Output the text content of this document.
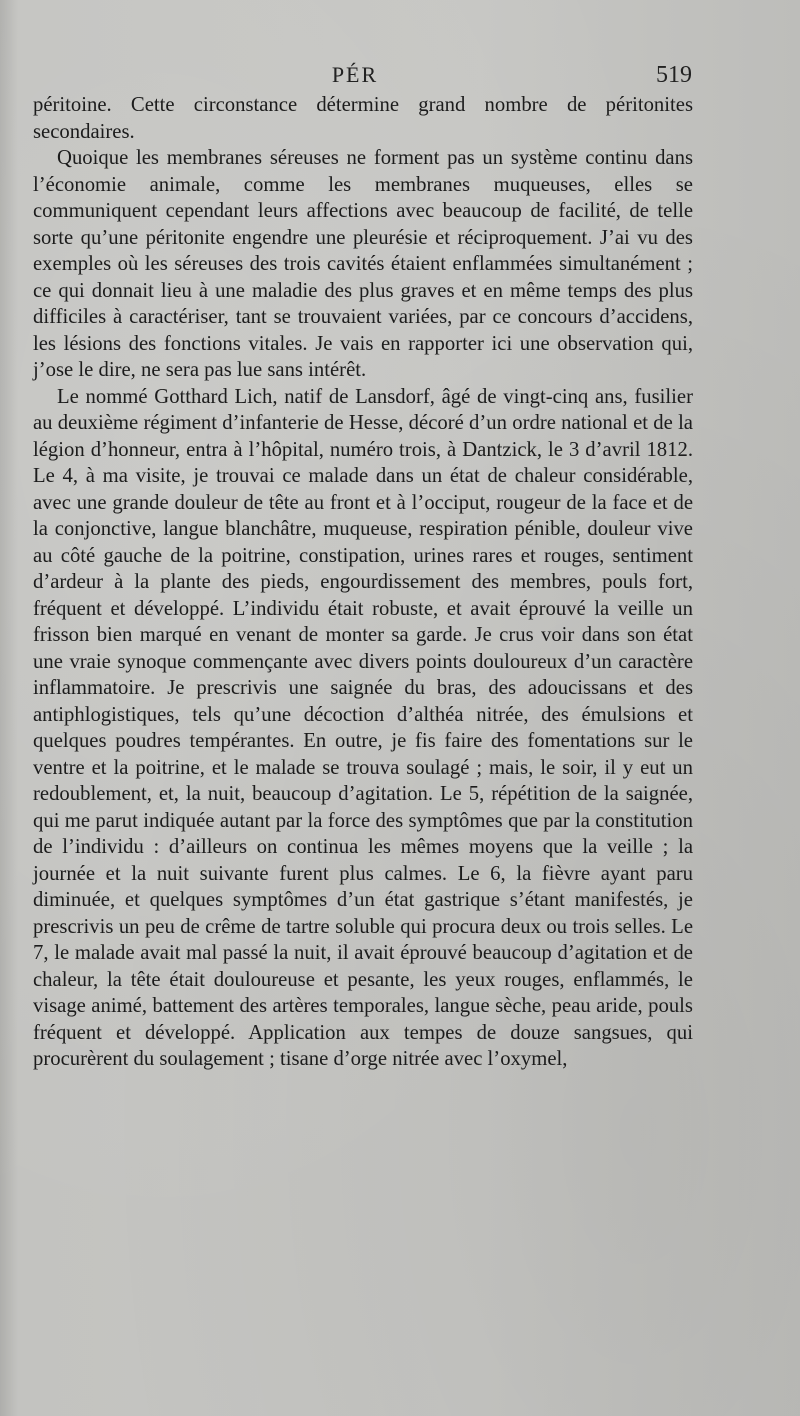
PÉR	519

péritoine. Cette circonstance détermine grand nombre de péritonites secondaires.

Quoique les membranes séreuses ne forment pas un système continu dans l’économie animale, comme les membranes muqueuses, elles se communiquent cependant leurs affections avec beaucoup de facilité, de telle sorte qu’une péritonite engendre une pleurésie et réciproquement. J’ai vu des exemples où les séreuses des trois cavités étaient enflammées simultanément ; ce qui donnait lieu à une maladie des plus graves et en même temps des plus difficiles à caractériser, tant se trouvaient variées, par ce concours d’accidens, les lésions des fonctions vitales. Je vais en rapporter ici une observation qui, j’ose le dire, ne sera pas lue sans intérêt.

Le nommé Gotthard Lich, natif de Lansdorf, âgé de vingt-cinq ans, fusilier au deuxième régiment d’infanterie de Hesse, décoré d’un ordre national et de la légion d’honneur, entra à l’hôpital, numéro trois, à Dantzick, le 3 d’avril 1812. Le 4, à ma visite, je trouvai ce malade dans un état de chaleur considérable, avec une grande douleur de tête au front et à l’occiput, rougeur de la face et de la conjonctive, langue blanchâtre, muqueuse, respiration pénible, douleur vive au côté gauche de la poitrine, constipation, urines rares et rouges, sentiment d’ardeur à la plante des pieds, engourdissement des membres, pouls fort, fréquent et développé. L’individu était robuste, et avait éprouvé la veille un frisson bien marqué en venant de monter sa garde. Je crus voir dans son état une vraie synoque commençante avec divers points douloureux d’un caractère inflammatoire. Je prescrivis une saignée du bras, des adoucissans et des antiphlogistiques, tels qu’une décoction d’althéa nitrée, des émulsions et quelques poudres tempérantes. En outre, je fis faire des fomentations sur le ventre et la poitrine, et le malade se trouva soulagé ; mais, le soir, il y eut un redoublement, et, la nuit, beaucoup d’agitation. Le 5, répétition de la saignée, qui me parut indiquée autant par la force des symptômes que par la constitution de l’individu : d’ailleurs on continua les mêmes moyens que la veille ; la journée et la nuit suivante furent plus calmes. Le 6, la fièvre ayant paru diminuée, et quelques symptômes d’un état gastrique s’étant manifestés, je prescrivis un peu de crême de tartre soluble qui procura deux ou trois selles. Le 7, le malade avait mal passé la nuit, il avait éprouvé beaucoup d’agitation et de chaleur, la tête était douloureuse et pesante, les yeux rouges, enflammés, le visage animé, battement des artères temporales, langue sèche, peau aride, pouls fréquent et développé. Application aux tempes de douze sangsues, qui procurèrent du soulagement ; tisane d’orge nitrée avec l’oxymel,
